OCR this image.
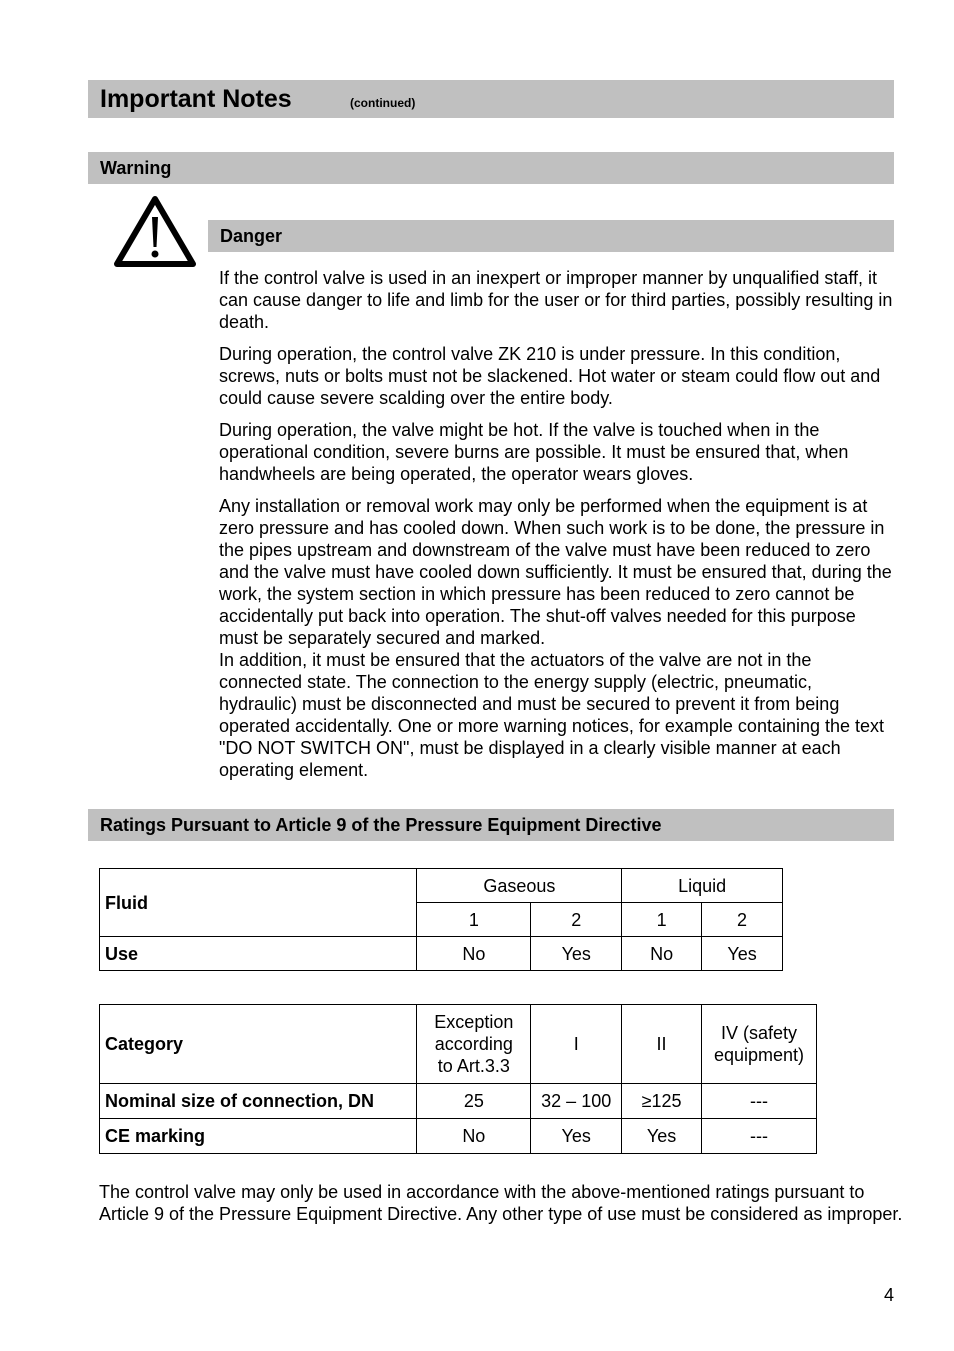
Important Notes	(continued)
Warning
Danger

If the control valve is used in an inexpert or improper manner by unqualified staff, it can cause danger to life and limb for the user or for third parties, possibly resulting in death.

During operation, the control valve ZK 210 is under pressure. In this condition, screws, nuts or bolts must not be slackened. Hot water or steam could flow out and could cause severe scalding over the entire body.

During operation, the valve might be hot. If the valve is touched when in the operational condition, severe burns are possible. It must be ensured that, when handwheels are being operated, the operator wears gloves.

Any installation or removal work may only be performed when the equipment is at zero pressure and has cooled down. When such work is to be done, the pressure in the pipes upstream and downstream of the valve must have been reduced to zero and the valve must have cooled down sufficiently. It must be ensured that, during the work, the system section in which pressure has been reduced to zero cannot be accidentally put back into operation. The shut-off valves needed for this purpose must be separately secured and marked.

In addition, it must be ensured that the actuators of the valve are not in the connected state. The connection to the energy supply (electric, pneumatic, hydraulic) must be disconnected and must be secured to prevent it from being operated accidentally. One or more warning notices, for example containing the text "DO NOT SWITCH ON", must be displayed in a clearly visible manner at each operating element.

Ratings Pursuant to Article 9 of the Pressure Equipment Directive
Fluid	Gaseous		Liquid	
	1	2	1	2
Use	No	Yes	No	Yes
Category	Exception according to Art.3.3	I	II	IV (safety equipment)
Nominal size of connection, DN	25	32 – 100	≥125	---
CE marking	No	Yes	Yes	---

The control valve may only be used in accordance with the above-mentioned ratings pursuant to Article 9 of the Pressure Equipment Directive. Any other type of use must be considered as improper.

4
